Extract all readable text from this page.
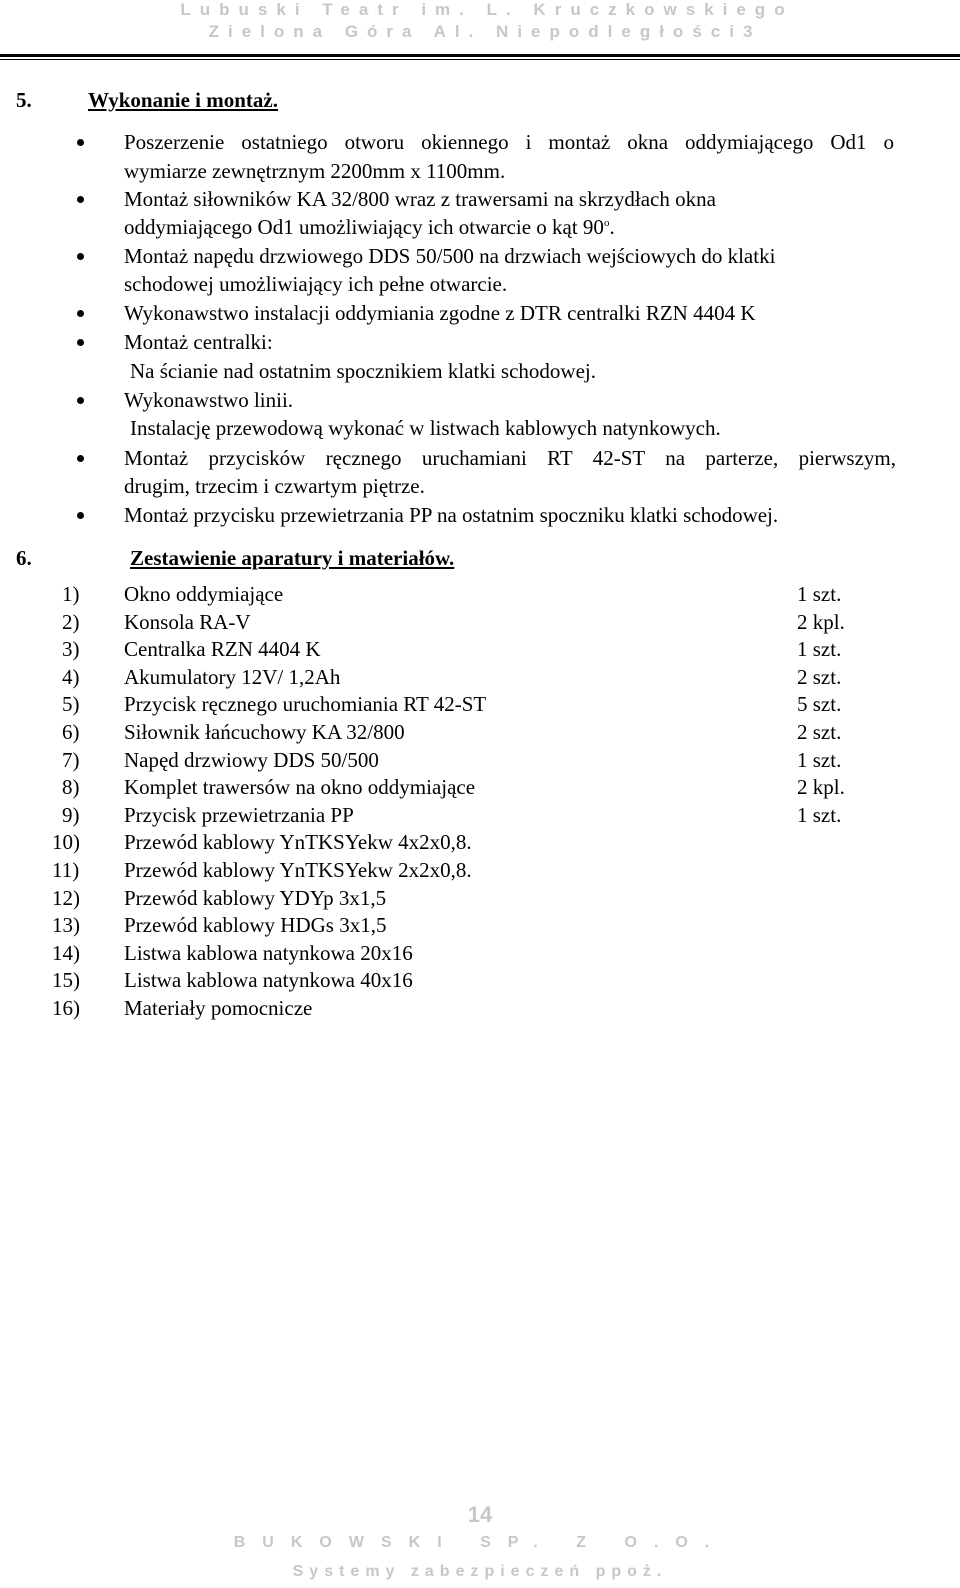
Lubuski Teatr im. L. Kruczkowskiego
Zielona Góra Al. Niepodległości3
5.	Wykonanie i montaż.
Poszerzenie ostatniego otworu okiennego i montaż okna oddymiającego Od1 o
wymiarze zewnętrznym 2200mm x 1100mm.
Montaż siłowników KA 32/800 wraz z trawersami na skrzydłach okna
oddymiającego Od1 umożliwiający ich otwarcie o kąt 90$^o$.
Montaż napędu drzwiowego DDS 50/500 na drzwiach wejściowych do klatki
schodowej umożliwiający ich pełne otwarcie.
Wykonawstwo instalacji oddymiania zgodne z DTR centralki RZN 4404 K
Montaż centralki:
Na ścianie nad ostatnim spocznikiem klatki schodowej.
Wykonawstwo linii.
Instalację przewodową wykonać w listwach kablowych natynkowych.
Montaż przycisków ręcznego uruchamiani RT 42-ST na parterze, pierwszym,
drugim, trzecim i czwartym piętrze.
Montaż przycisku przewietrzania PP na ostatnim spoczniku klatki schodowej.
6.	Zestawienie aparatury i materiałów.
1) Okno oddymiające	1 szt.
2) Konsola RA-V	2 kpl.
3) Centralka RZN 4404 K	1 szt.
4) Akumulatory 12V/ 1,2Ah	2 szt.
5) Przycisk ręcznego uruchomiania RT 42-ST	5 szt.
6) Siłownik łańcuchowy KA 32/800	2 szt.
7) Napęd drzwiowy DDS 50/500	1 szt.
8) Komplet trawersów na okno oddymiające	2 kpl.
9) Przycisk przewietrzania PP	1 szt.
10) Przewód kablowy YnTKSYekw 4x2x0,8.
11) Przewód kablowy YnTKSYekw 2x2x0,8.
12) Przewód kablowy YDYp 3x1,5
13) Przewód kablowy HDGs 3x1,5
14) Listwa kablowa natynkowa 20x16
15) Listwa kablowa natynkowa 40x16
16) Materiały pomocnicze
14
BUKOWSKI SP. Z O.O.
Systemy zabezpieczeń ppoż.
